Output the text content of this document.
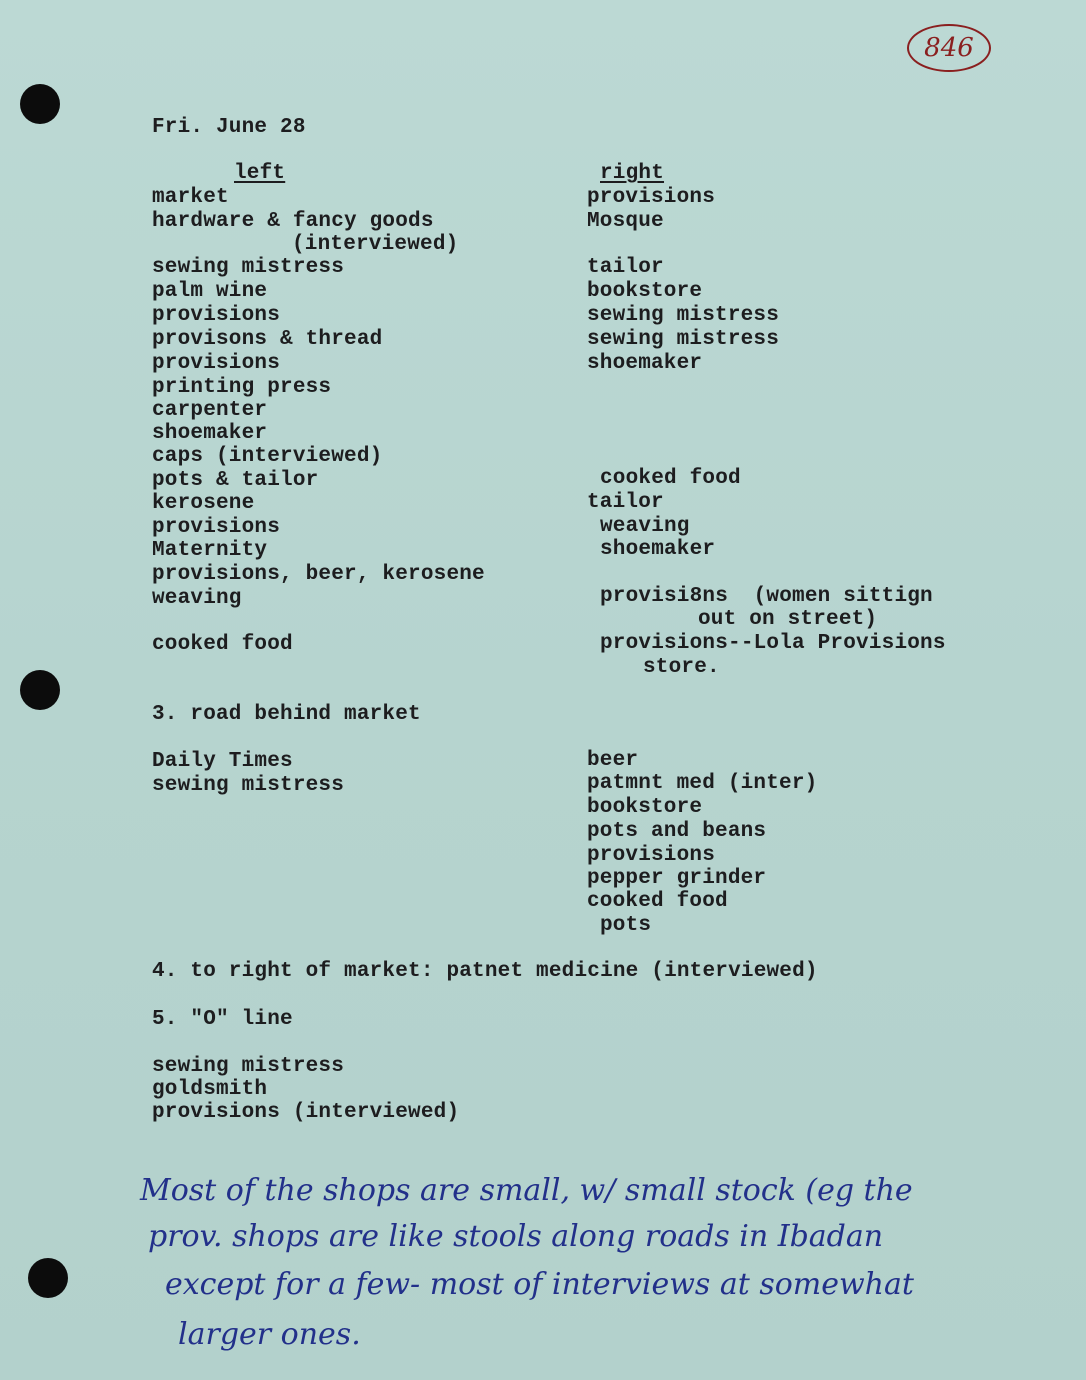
846
Fri. June 28
left	right
market
hardware & fancy goods
(interviewed)
sewing mistress
palm wine
provisions
provisons & thread
provisions
printing press
carpenter
shoemaker
caps (interviewed)
pots & tailor
kerosene
provisions
Maternity
provisions, beer, kerosene
weaving
cooked food
provisions
Mosque
tailor
bookstore
sewing mistress
sewing mistress
shoemaker
cooked food
tailor
weaving
shoemaker
provisi8ns  (women sittign
out on street)
provisions--Lola Provisions
store.
3. road behind market
Daily Times
sewing mistress
beer
patmnt med (inter)
bookstore
pots and beans
provisions
pepper grinder
cooked food
pots
4. to right of market: patnet medicine (interviewed)
5. "O" line
sewing mistress
goldsmith
provisions (interviewed)
Most of the shops are small, w/ small stock (eg the
prov. shops are like stools along roads in Ibadan
except for a few- most of interviews at somewhat
larger ones.
